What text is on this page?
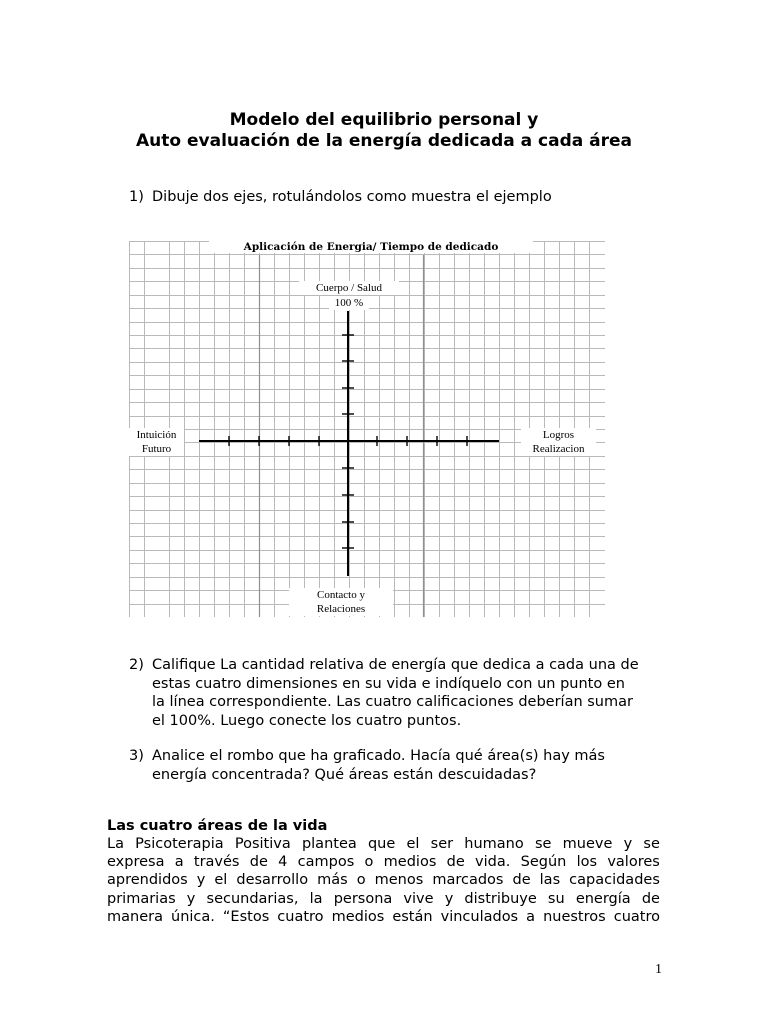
Modelo del equilibrio personal y
Auto evaluación de la energía dedicada a cada área
1) Dibuje dos ejes, rotulándolos como muestra el ejemplo
Aplicación de Energia/ Tiempo de dedicado
Cuerpo / Salud
100 %
Intuición
Futuro
Logros
Realizacion
Contacto y
Relaciones
2) Califique La cantidad relativa de energía que dedica a cada una de
estas cuatro dimensiones en su vida e indíquelo con un punto en
la línea correspondiente. Las cuatro calificaciones deberían sumar
el 100%. Luego conecte los cuatro puntos.
3) Analice el rombo que ha graficado. Hacía qué área(s) hay más
energía concentrada? Qué áreas están descuidadas?
Las cuatro áreas de la vida
La Psicoterapia Positiva plantea que el ser humano se mueve y se
expresa a través de 4 campos o medios de vida. Según los valores
aprendidos y el desarrollo más o menos marcados de las capacidades
primarias y secundarias, la persona vive y distribuye su energía de
manera única. “Estos cuatro medios están vinculados a nuestros cuatro
1
